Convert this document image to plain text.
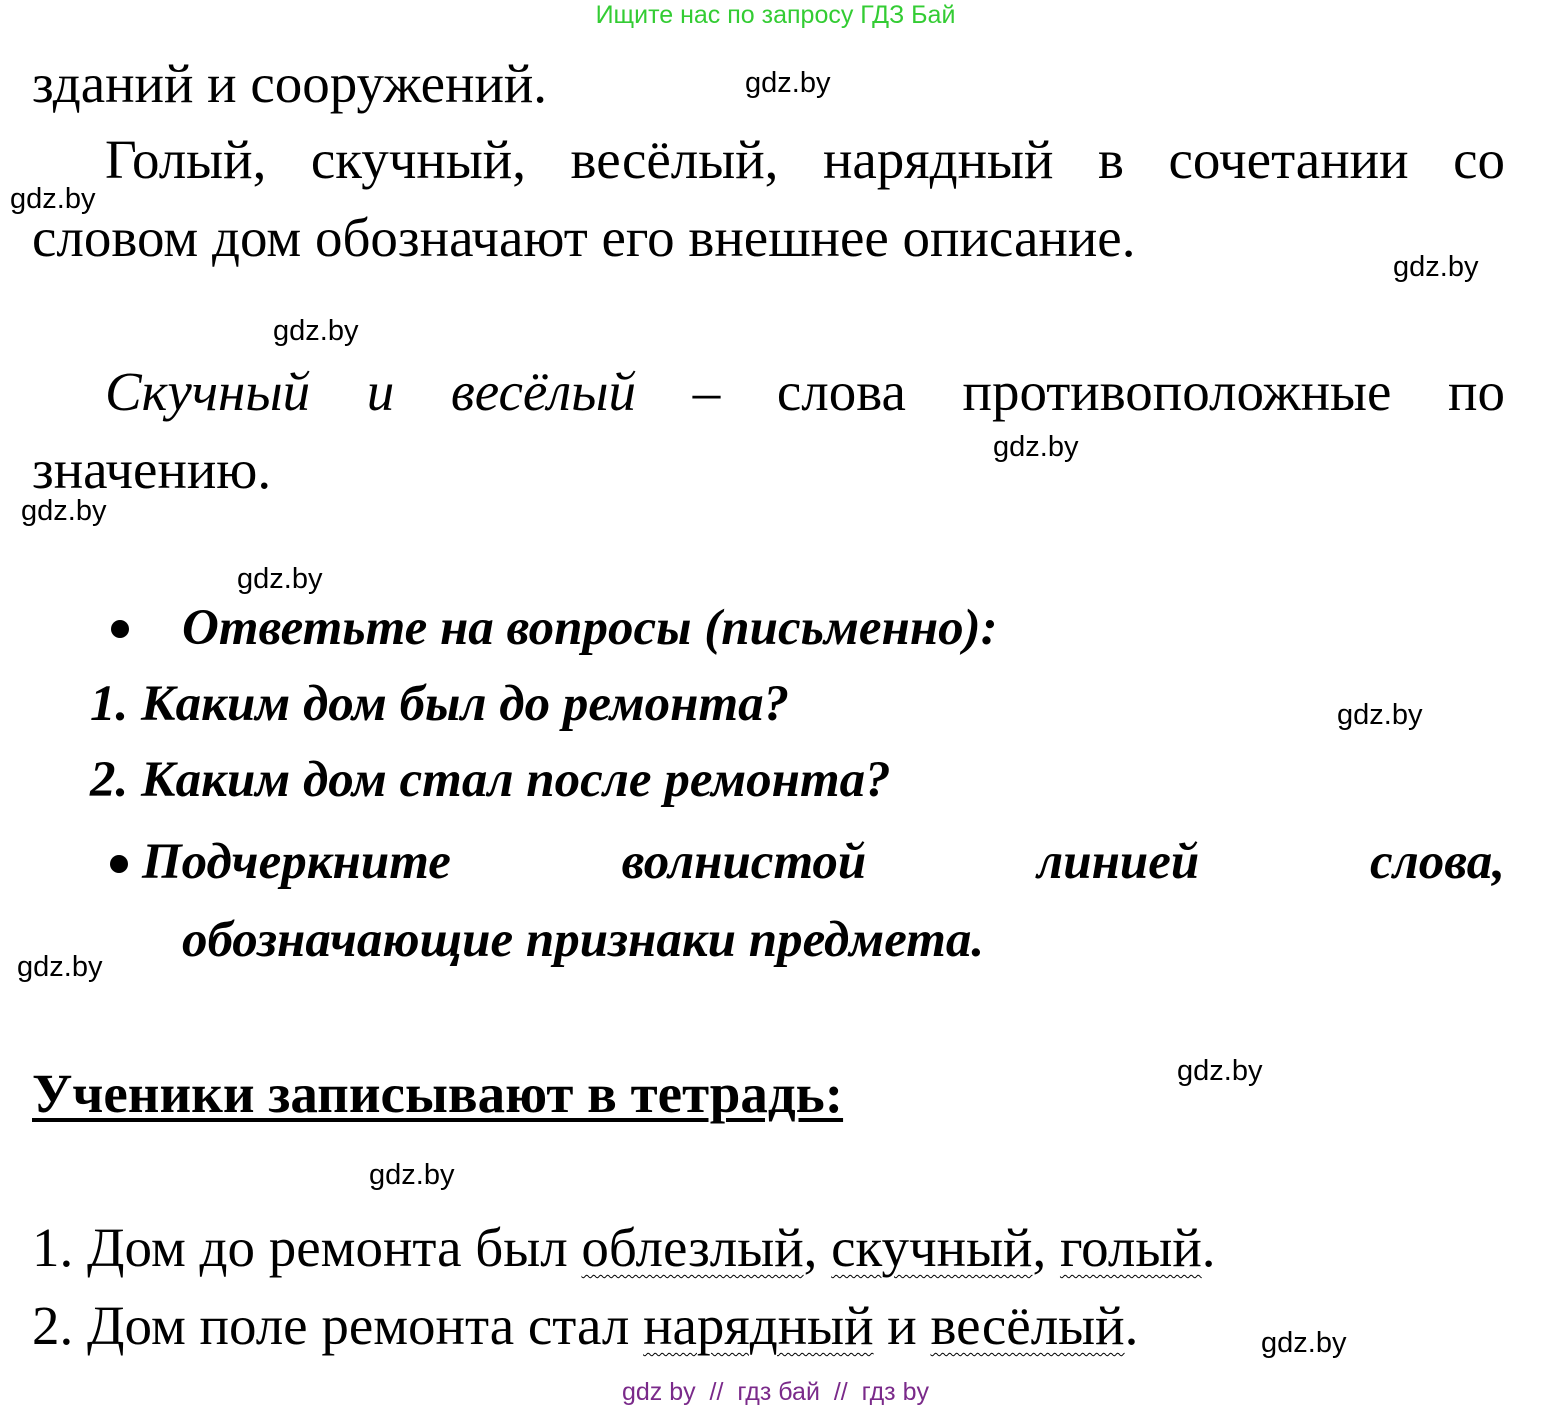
Ищите нас по запросу ГДЗ Бай
gdz.by
gdz.by
gdz.by
gdz.by
gdz.by
gdz.by
gdz.by
gdz.by
gdz.by
gdz.by
gdz.by
gdz.by
зданий и сооружений.
Голый, скучный, весёлый, нарядный в сочетании со
словом дом обозначают его внешнее описание.
Скучный и весёлый – слова противоположные по
значению.
Ответьте на вопросы (письменно):
1. Каким дом был до ремонта?
2. Каким дом стал после ремонта?
Подчеркните	волнистой	линией	слова,
обозначающие признаки предмета.
Ученики записывают в тетрадь:
1. Дом до ремонта был облезлый, скучный, голый.
2. Дом поле ремонта стал нарядный и весёлый.
gdz by  //  гдз бай  //  гдз by
